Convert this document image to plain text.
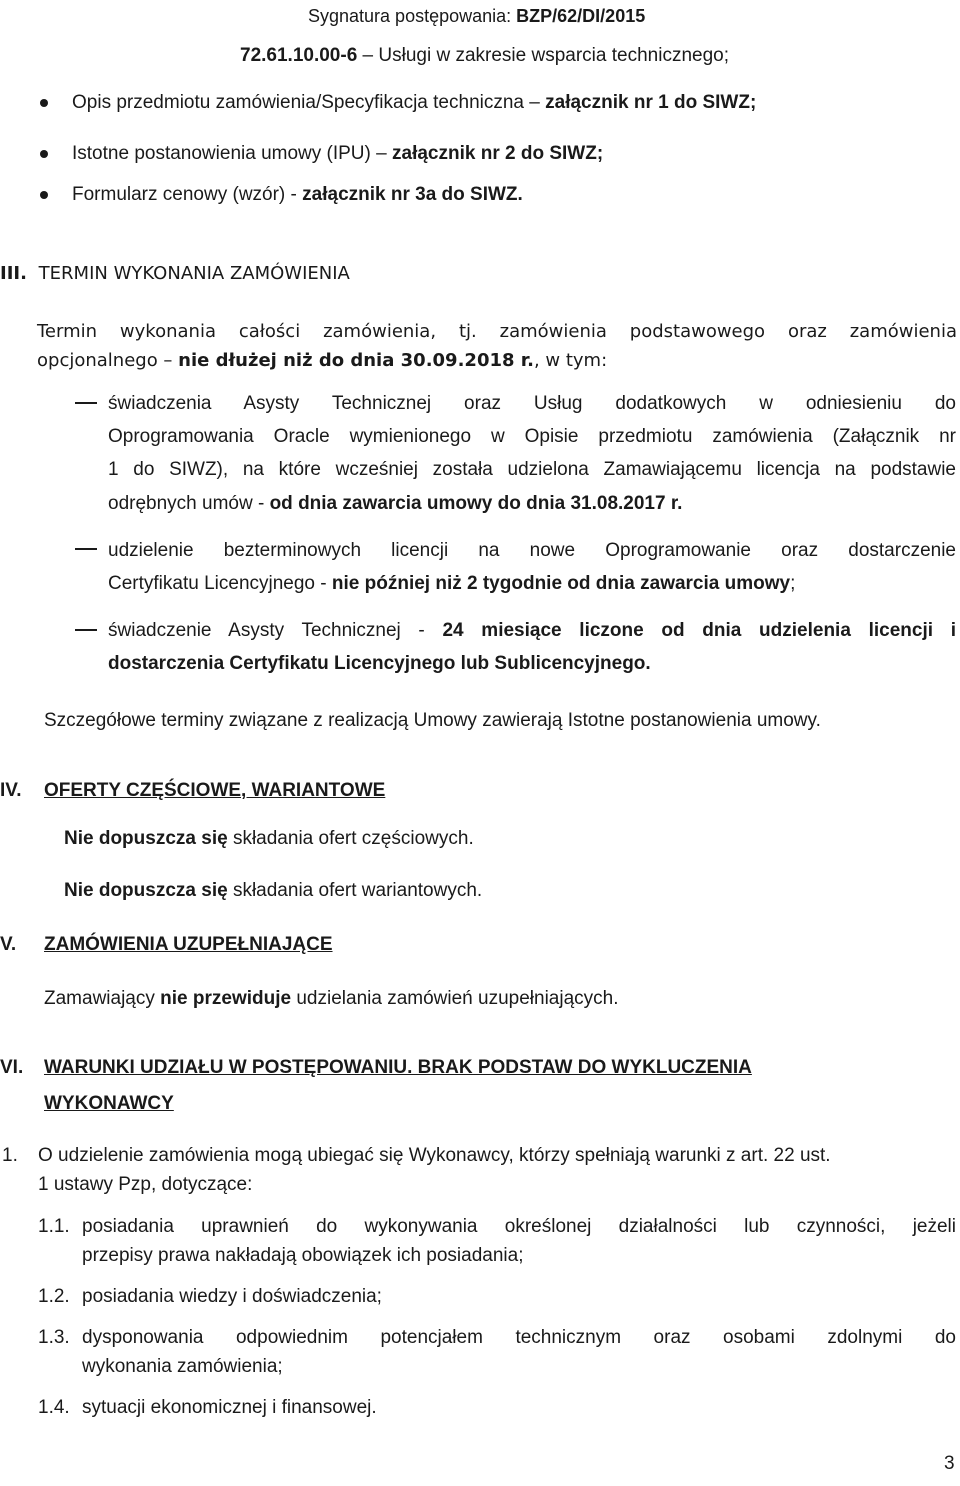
Sygnatura postępowania: BZP/62/DI/2015
72.61.10.00-6 – Usługi w zakresie wsparcia technicznego;
Opis przedmiotu zamówienia/Specyfikacja techniczna – załącznik nr 1 do SIWZ;
Istotne postanowienia umowy (IPU) – załącznik nr 2 do SIWZ;
Formularz cenowy (wzór) - załącznik nr 3a do SIWZ.
III. TERMIN WYKONANIA ZAMÓWIENIA
Termin wykonania całości zamówienia, tj. zamówienia podstawowego oraz zamówienia
opcjonalnego – nie dłużej niż do dnia 30.09.2018 r., w tym:
świadczenia Asysty Technicznej oraz Usług dodatkowych w odniesieniu do
Oprogramowania Oracle wymienionego w Opisie przedmiotu zamówienia (Załącznik nr
1 do SIWZ), na które wcześniej została udzielona Zamawiającemu licencja na podstawie
odrębnych umów - od dnia zawarcia umowy do dnia 31.08.2017 r.
udzielenie bezterminowych licencji na nowe Oprogramowanie oraz dostarczenie
Certyfikatu Licencyjnego - nie później niż 2 tygodnie od dnia zawarcia umowy;
świadczenie Asysty Technicznej - 24 miesiące liczone od dnia udzielenia licencji i
dostarczenia Certyfikatu Licencyjnego lub Sublicencyjnego.
Szczegółowe terminy związane z realizacją Umowy zawierają Istotne postanowienia umowy.
IV. OFERTY CZĘŚCIOWE, WARIANTOWE
Nie dopuszcza się składania ofert częściowych.
Nie dopuszcza się składania ofert wariantowych.
V. ZAMÓWIENIA UZUPEŁNIAJĄCE
Zamawiający nie przewiduje udzielania zamówień uzupełniających.
VI. WARUNKI UDZIAŁU W POSTĘPOWANIU. BRAK PODSTAW DO WYKLUCZENIA
WYKONAWCY
1. O udzielenie zamówienia mogą ubiegać się Wykonawcy, którzy spełniają warunki z art. 22 ust.
1 ustawy Pzp, dotyczące:
1.1. posiadania uprawnień do wykonywania określonej działalności lub czynności, jeżeli
przepisy prawa nakładają obowiązek ich posiadania;
1.2. posiadania wiedzy i doświadczenia;
1.3. dysponowania odpowiednim potencjałem technicznym oraz osobami zdolnymi do
wykonania zamówienia;
1.4. sytuacji ekonomicznej i finansowej.
3
